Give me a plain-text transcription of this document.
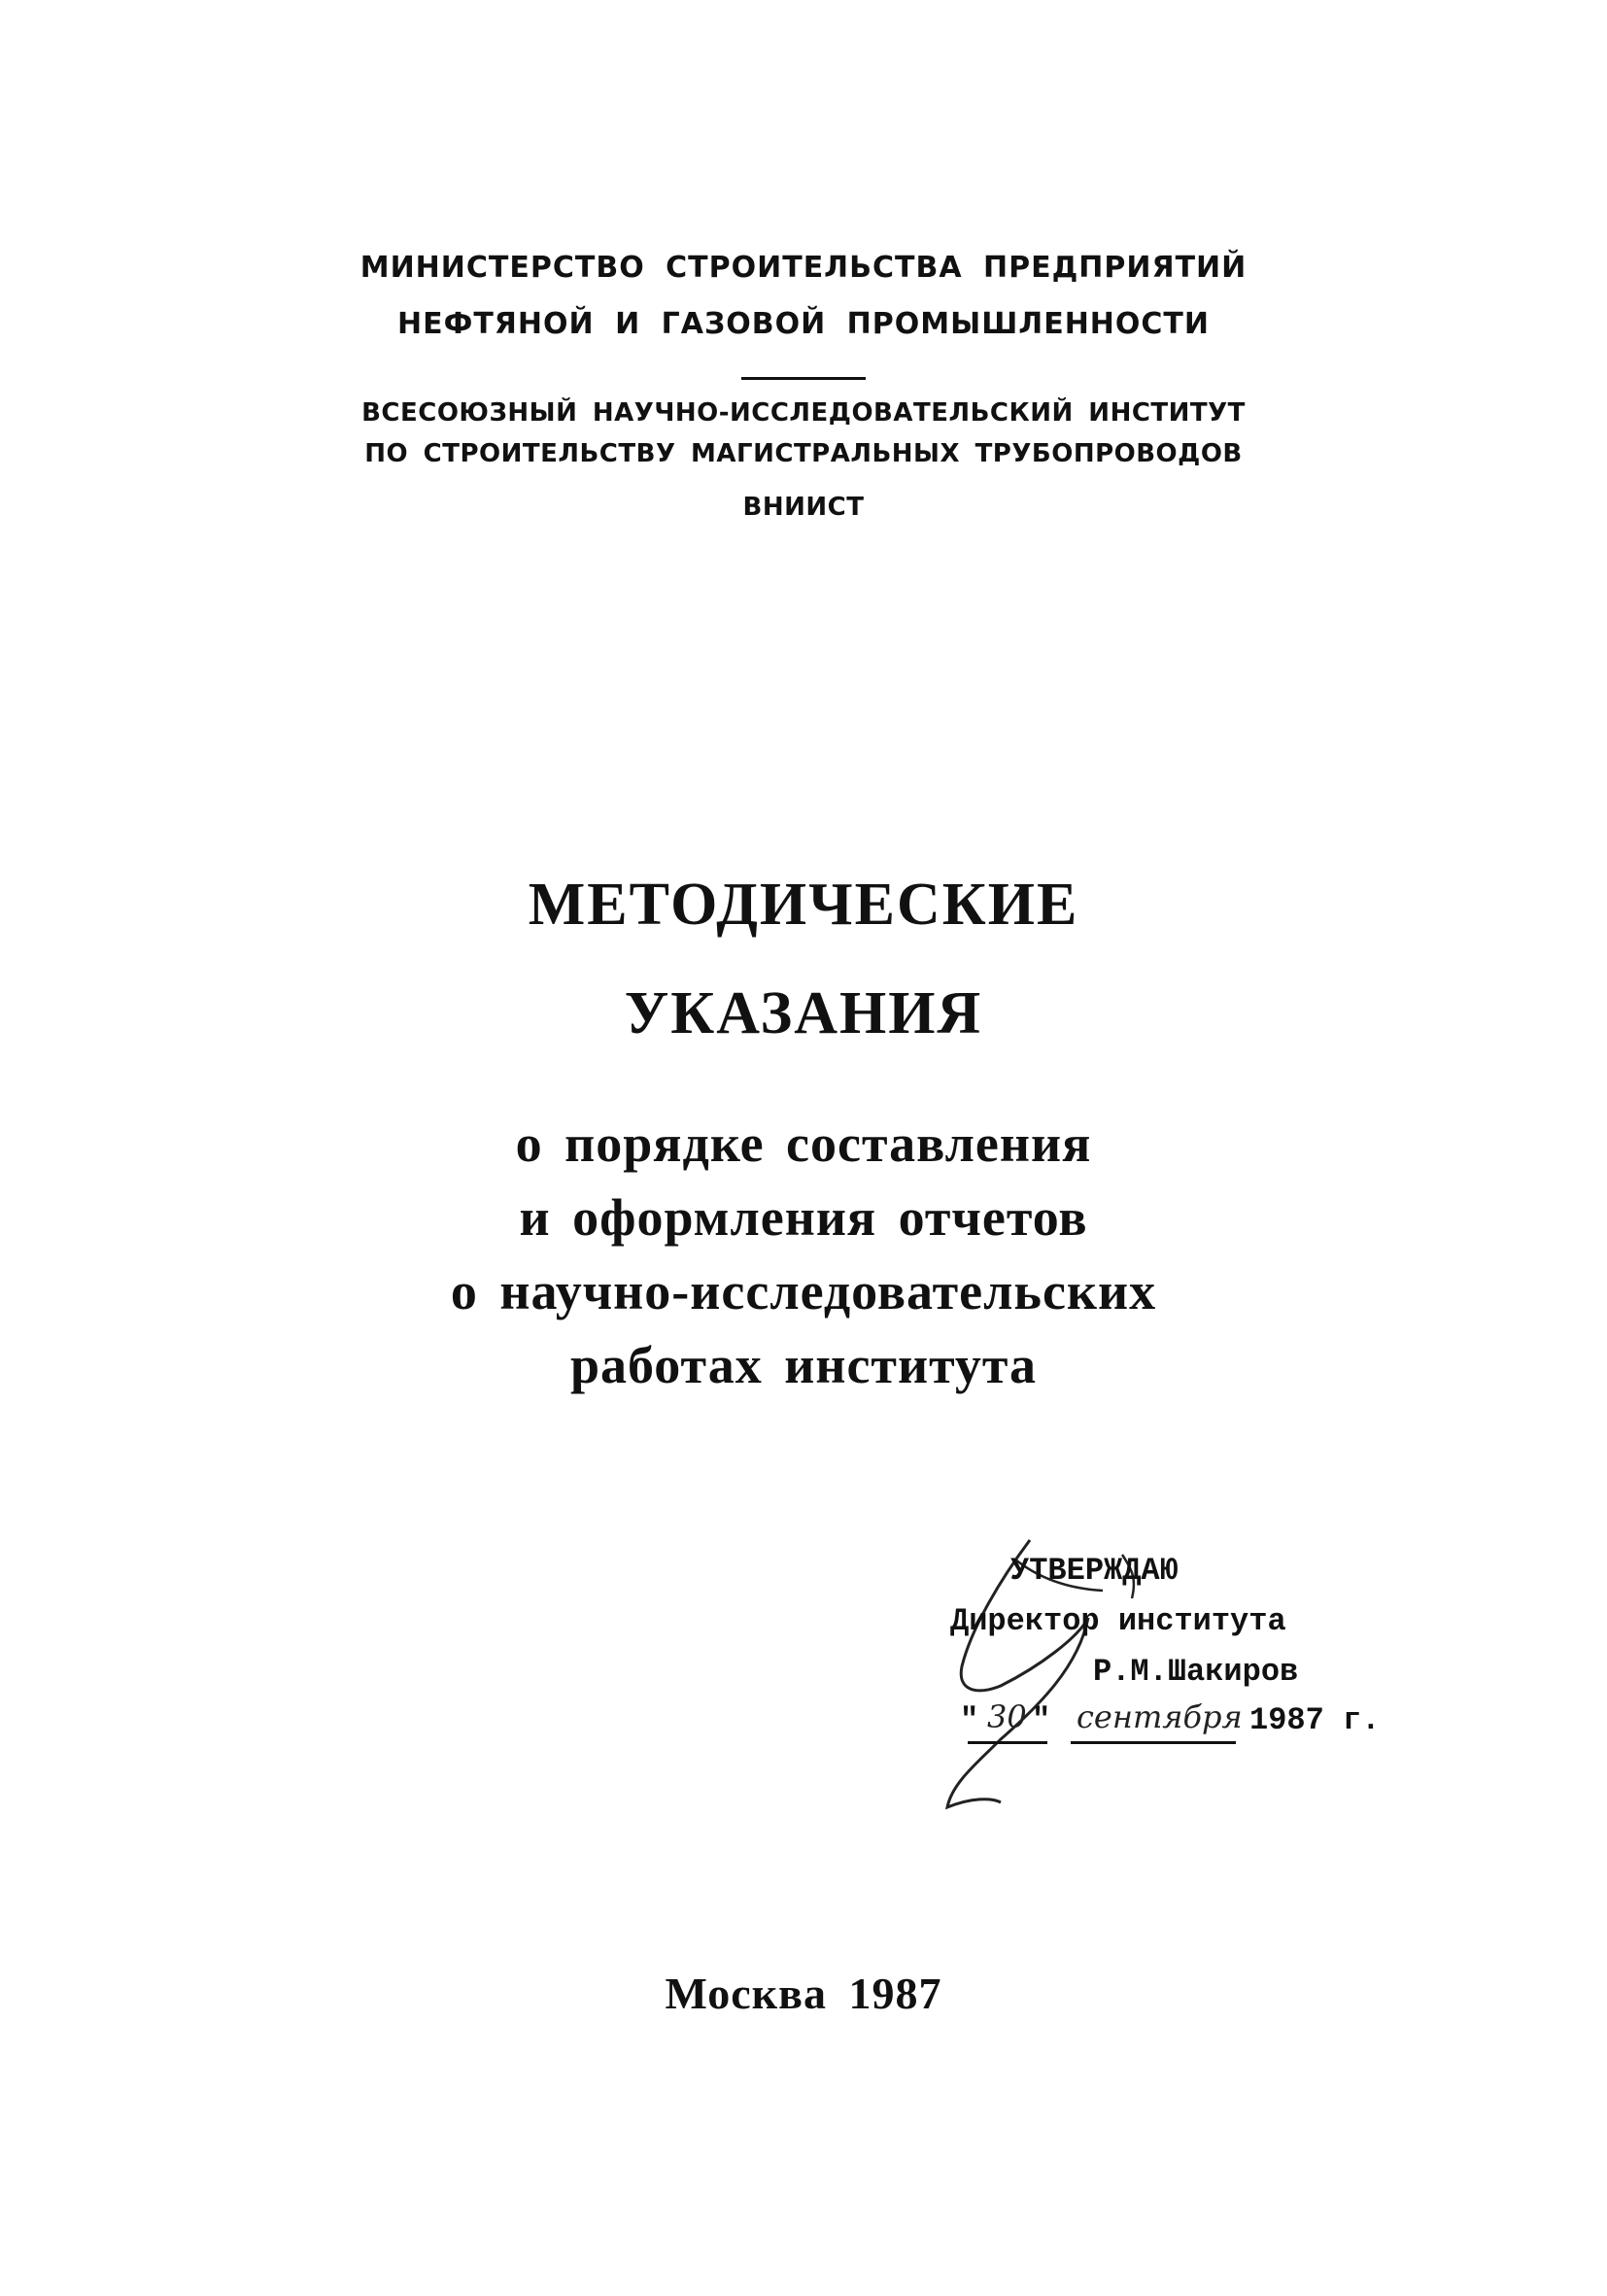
МИНИСТЕРСТВО СТРОИТЕЛЬСТВА ПРЕДПРИЯТИЙ
НЕФТЯНОЙ И ГАЗОВОЙ ПРОМЫШЛЕННОСТИ
ВСЕСОЮЗНЫЙ НАУЧНО-ИССЛЕДОВАТЕЛЬСКИЙ ИНСТИТУТ
ПО СТРОИТЕЛЬСТВУ МАГИСТРАЛЬНЫХ ТРУБОПРОВОДОВ
ВНИИСТ
МЕТОДИЧЕСКИЕ
УКАЗАНИЯ
о порядке составления
и оформления отчетов
о научно-исследовательских
работах института
УТВЕРЖДАЮ
Директор института
Р.М.Шакиров
" 30 " сентября 1987 г.
Москва 1987
